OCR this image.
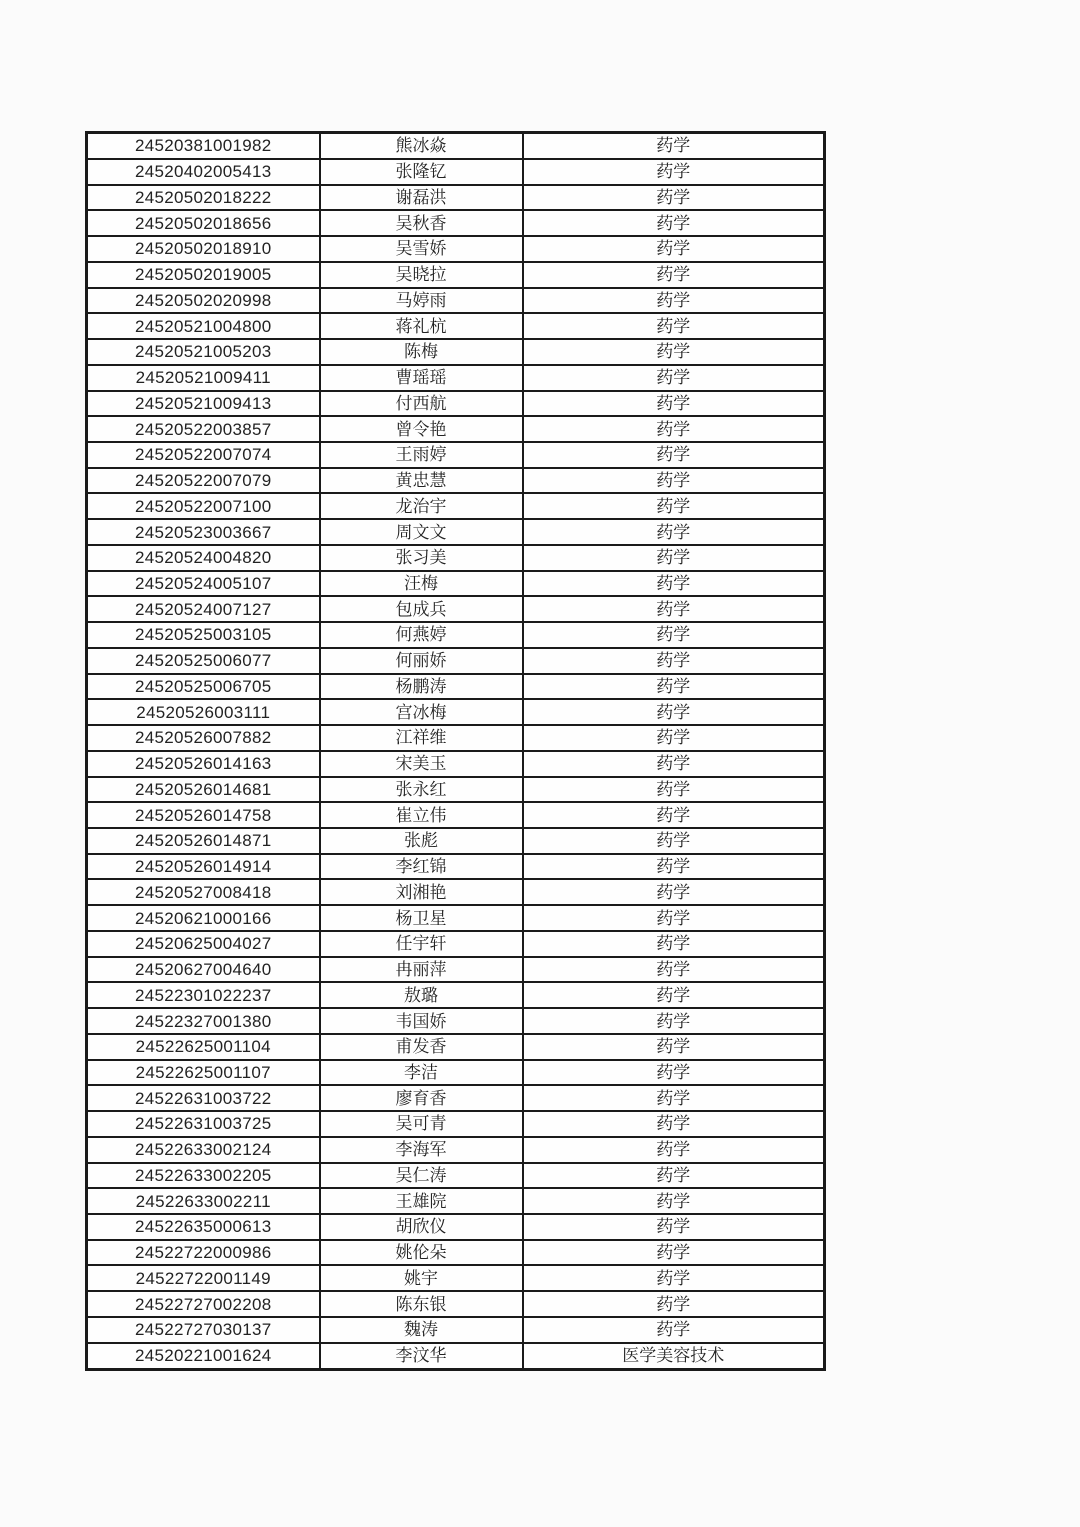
24520381001982	熊冰焱	药学
24520402005413	张隆钇	药学
24520502018222	谢磊洪	药学
24520502018656	吴秋香	药学
24520502018910	吴雪娇	药学
24520502019005	吴晓拉	药学
24520502020998	马婷雨	药学
24520521004800	蒋礼杭	药学
24520521005203	陈梅	药学
24520521009411	曹瑶瑶	药学
24520521009413	付西航	药学
24520522003857	曾令艳	药学
24520522007074	王雨婷	药学
24520522007079	黄忠慧	药学
24520522007100	龙治宇	药学
24520523003667	周文文	药学
24520524004820	张习美	药学
24520524005107	汪梅	药学
24520524007127	包成兵	药学
24520525003105	何燕婷	药学
24520525006077	何丽娇	药学
24520525006705	杨鹏涛	药学
24520526003111	宫冰梅	药学
24520526007882	江祥维	药学
24520526014163	宋美玉	药学
24520526014681	张永红	药学
24520526014758	崔立伟	药学
24520526014871	张彪	药学
24520526014914	李红锦	药学
24520527008418	刘湘艳	药学
24520621000166	杨卫星	药学
24520625004027	任宇轩	药学
24520627004640	冉丽萍	药学
24522301022237	敖璐	药学
24522327001380	韦国娇	药学
24522625001104	甫发香	药学
24522625001107	李洁	药学
24522631003722	廖育香	药学
24522631003725	吴可青	药学
24522633002124	李海军	药学
24522633002205	吴仁涛	药学
24522633002211	王雄院	药学
24522635000613	胡欣仪	药学
24522722000986	姚伦朵	药学
24522722001149	姚宇	药学
24522727002208	陈东银	药学
24522727030137	魏涛	药学
24520221001624	李汶华	医学美容技术
